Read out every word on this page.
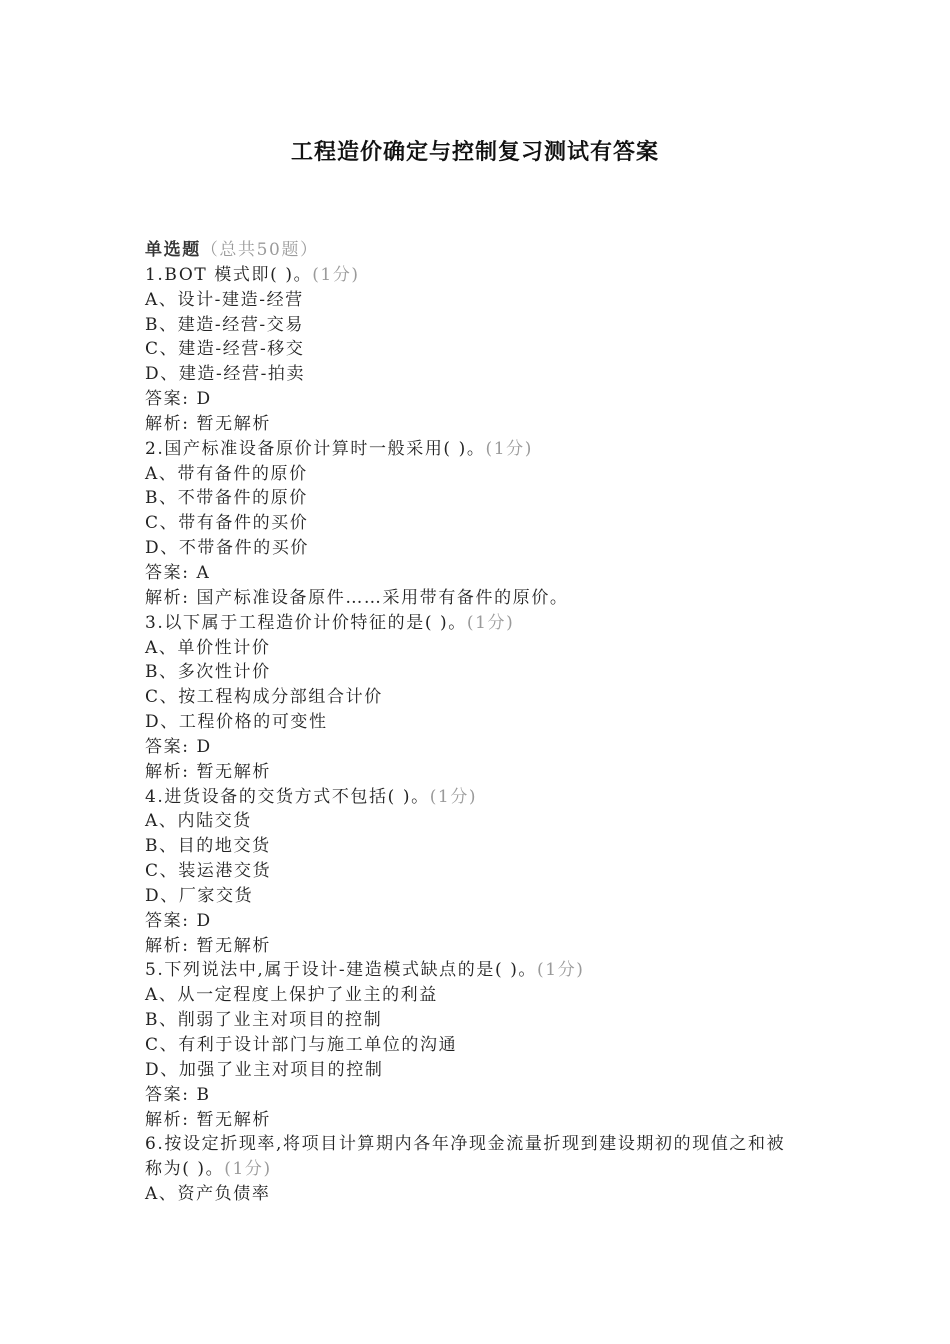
工程造价确定与控制复习测试有答案
单选题（总共50题）
1.BOT 模式即( )。(1分)
A、设计-建造-经营
B、建造-经营-交易
C、建造-经营-移交
D、建造-经营-拍卖
答案: D
解析: 暂无解析
2.国产标准设备原价计算时一般采用( )。(1分)
A、带有备件的原价
B、不带备件的原价
C、带有备件的买价
D、不带备件的买价
答案: A
解析: 国产标准设备原件……采用带有备件的原价。
3.以下属于工程造价计价特征的是( )。(1分)
A、单价性计价
B、多次性计价
C、按工程构成分部组合计价
D、工程价格的可变性
答案: D
解析: 暂无解析
4.进货设备的交货方式不包括( )。(1分)
A、内陆交货
B、目的地交货
C、装运港交货
D、厂家交货
答案: D
解析: 暂无解析
5.下列说法中,属于设计-建造模式缺点的是( )。(1分)
A、从一定程度上保护了业主的利益
B、削弱了业主对项目的控制
C、有利于设计部门与施工单位的沟通
D、加强了业主对项目的控制
答案: B
解析: 暂无解析
6.按设定折现率,将项目计算期内各年净现金流量折现到建设期初的现值之和被
称为( )。(1分)
A、资产负债率
